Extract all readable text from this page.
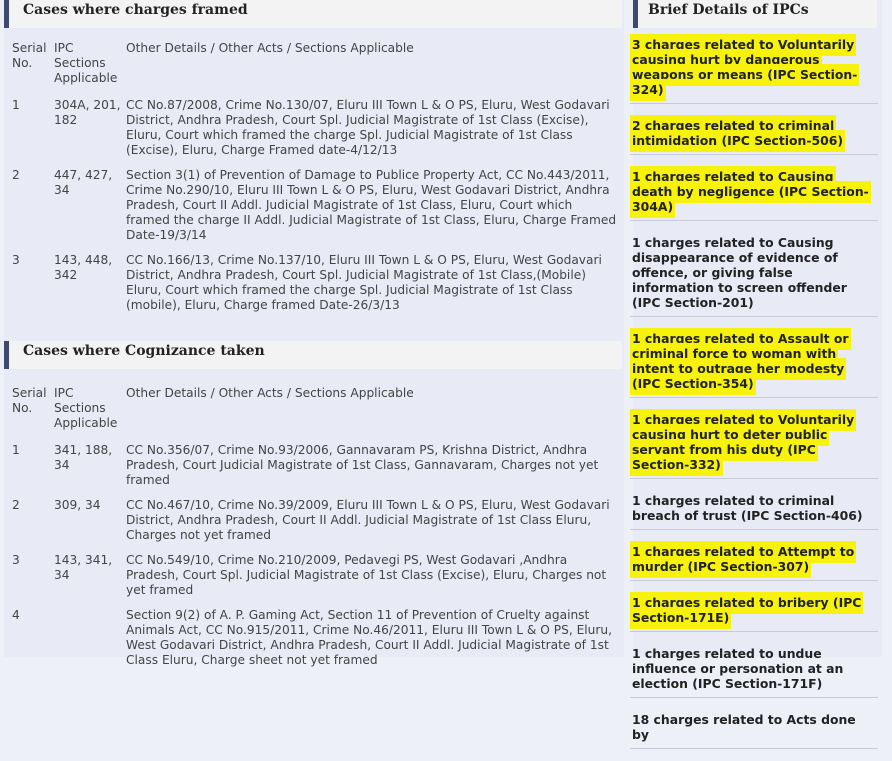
Cases where charges framed
Serial No.	IPC Sections Applicable	Other Details / Other Acts / Sections Applicable
1	304A, 201, 182	CC No.87/2008, Crime No.130/07, Eluru III Town L & O PS, Eluru, West Godavari District, Andhra Pradesh, Court Spl. Judicial Magistrate of 1st Class (Excise), Eluru, Court which framed the charge Spl. Judicial Magistrate of 1st Class (Excise), Eluru, Charge Framed date-4/12/13
2	447, 427, 34	Section 3(1) of Prevention of Damage to Publice Property Act, CC No.443/2011, Crime No.290/10, Eluru III Town L & O PS, Eluru, West Godavari District, Andhra Pradesh, Court II Addl. Judicial Magistrate of 1st Class, Eluru, Court which framed the charge II Addl. Judicial Magistrate of 1st Class, Eluru, Charge Framed Date-19/3/14
3	143, 448, 342	CC No.166/13, Crime No.137/10, Eluru III Town L & O PS, Eluru, West Godavari District, Andhra Pradesh, Court Spl. Judicial Magistrate of 1st Class,(Mobile) Eluru, Court which framed the charge Spl. Judicial Magistrate of 1st Class (mobile), Eluru, Charge framed Date-26/3/13
Cases where Cognizance taken
Serial No.	IPC Sections Applicable	Other Details / Other Acts / Sections Applicable
1	341, 188, 34	CC No.356/07, Crime No.93/2006, Gannavaram PS, Krishna District, Andhra Pradesh, Court Judicial Magistrate of 1st Class, Gannavaram, Charges not yet framed
2	309, 34	CC No.467/10, Crime No.39/2009, Eluru III Town L & O PS, Eluru, West Godavari District, Andhra Pradesh, Court II Addl. Judicial Magistrate of 1st Class Eluru, Charges not yet framed
3	143, 341, 34	CC No.549/10, Crime No.210/2009, Pedavegi PS, West Godavari ,Andhra Pradesh, Court Spl. Judicial Magistrate of 1st Class (Excise), Eluru, Charges not yet framed
4		Section 9(2) of A. P. Gaming Act, Section 11 of Prevention of Cruelty against Animals Act, CC No.915/2011, Crime No.46/2011, Eluru III Town L & O PS, Eluru, West Godavari District, Andhra Pradesh, Court II Addl. Judicial Magistrate of 1st Class Eluru, Charge sheet not yet framed
Brief Details of IPCs
3 charges related to Voluntarily causing hurt by dangerous weapons or means (IPC Section-324)
2 charges related to criminal intimidation (IPC Section-506)
1 charges related to Causing death by negligence (IPC Section-304A)
1 charges related to Causing disappearance of evidence of offence, or giving false information to screen offender (IPC Section-201)
1 charges related to Assault or criminal force to woman with intent to outrage her modesty (IPC Section-354)
1 charges related to Voluntarily causing hurt to deter public servant from his duty (IPC Section-332)
1 charges related to criminal breach of trust (IPC Section-406)
1 charges related to Attempt to murder (IPC Section-307)
1 charges related to bribery (IPC Section-171E)
1 charges related to undue influence or personation at an election (IPC Section-171F)
18 charges related to Acts done by
